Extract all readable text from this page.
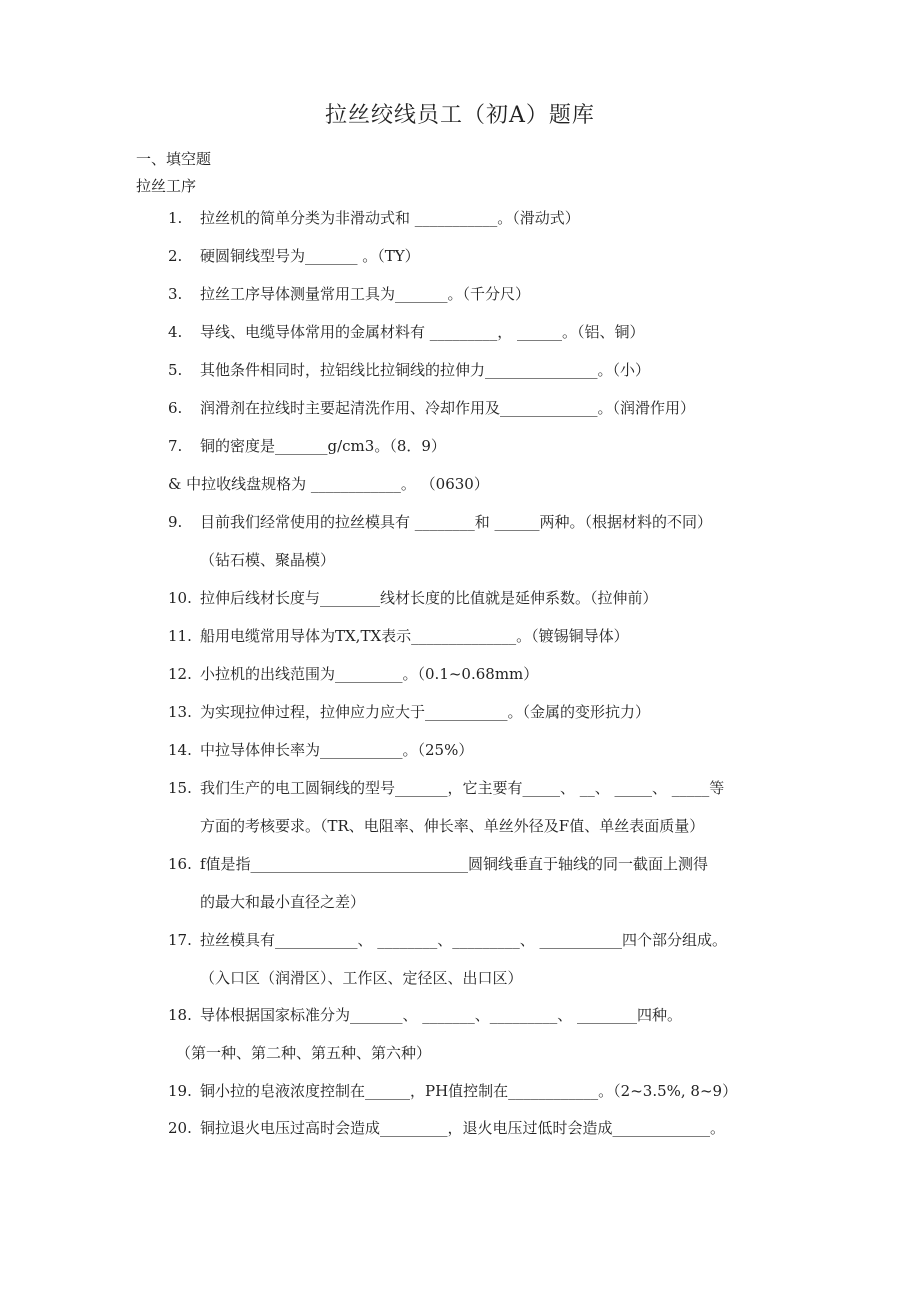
拉丝绞线员工（初A）题库
一、填空题
拉丝工序
1. 拉丝机的简单分类为非滑动式和 ___________。（滑动式）
2. 硬圆铜线型号为_______ 。（TY）
3. 拉丝工序导体测量常用工具为_______。（千分尺）
4. 导线、电缆导体常用的金属材料有 _________， ______。（铝、铜）
5. 其他条件相同时，拉铝线比拉铜线的拉伸力_______________。（小）
6. 润滑剂在拉线时主要起清洗作用、冷却作用及_____________。（润滑作用）
7. 铜的密度是_______g/cm3。（8．9）
& 中拉收线盘规格为 ____________。 （0630）
9. 目前我们经常使用的拉丝模具有 ________和 ______两种。（根据材料的不同）
（钻石模、聚晶模）
10. 拉伸后线材长度与________线材长度的比值就是延伸系数。（拉伸前）
11. 船用电缆常用导体为TX,TX表示______________。（镀锡铜导体）
12. 小拉机的出线范围为_________。（0.1~0.68mm）
13. 为实现拉伸过程，拉伸应力应大于___________。（金属的变形抗力）
14. 中拉导体伸长率为___________。（25%）
15. 我们生产的电工圆铜线的型号_______，它主要有_____、 __、 _____、 _____等
方面的考核要求。（TR、电阻率、伸长率、单丝外径及F值、单丝表面质量）
16. f值是指_____________________________圆铜线垂直于轴线的同一截面上测得
的最大和最小直径之差）
17. 拉丝模具有___________、 ________、_________、 ___________四个部分组成。
（入口区（润滑区）、工作区、定径区、出口区）
18. 导体根据国家标准分为_______、 _______、_________、 ________四种。
（第一种、第二种、第五种、第六种）
19. 铜小拉的皂液浓度控制在______，PH值控制在____________。（2~3.5%, 8~9）
20. 铜拉退火电压过高时会造成_________，退火电压过低时会造成_____________。
